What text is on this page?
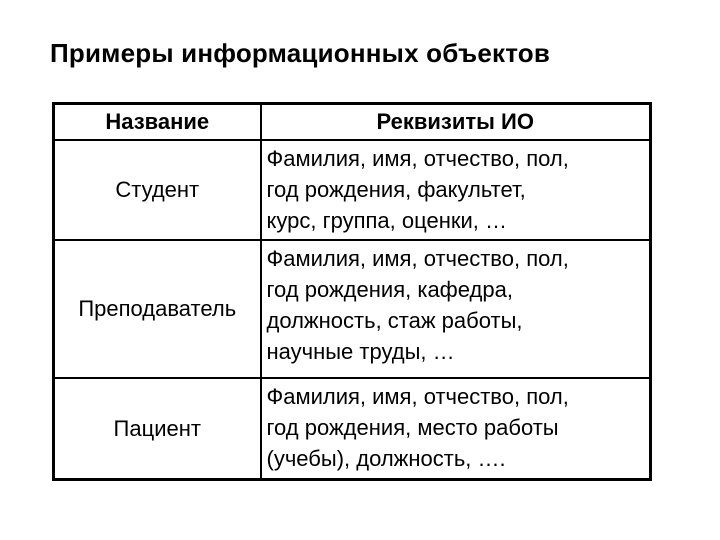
Примеры информационных объектов
Название	Реквизиты ИО
Студент	Фамилия, имя, отчество, пол,
год рождения, факультет,
курс, группа, оценки, …

Преподаватель	Фамилия, имя, отчество, пол,
год рождения, кафедра,
должность, стаж работы,
научные труды, …

Пациент	Фамилия, имя, отчество, пол,
год рождения, место работы
(учебы), должность, ….
